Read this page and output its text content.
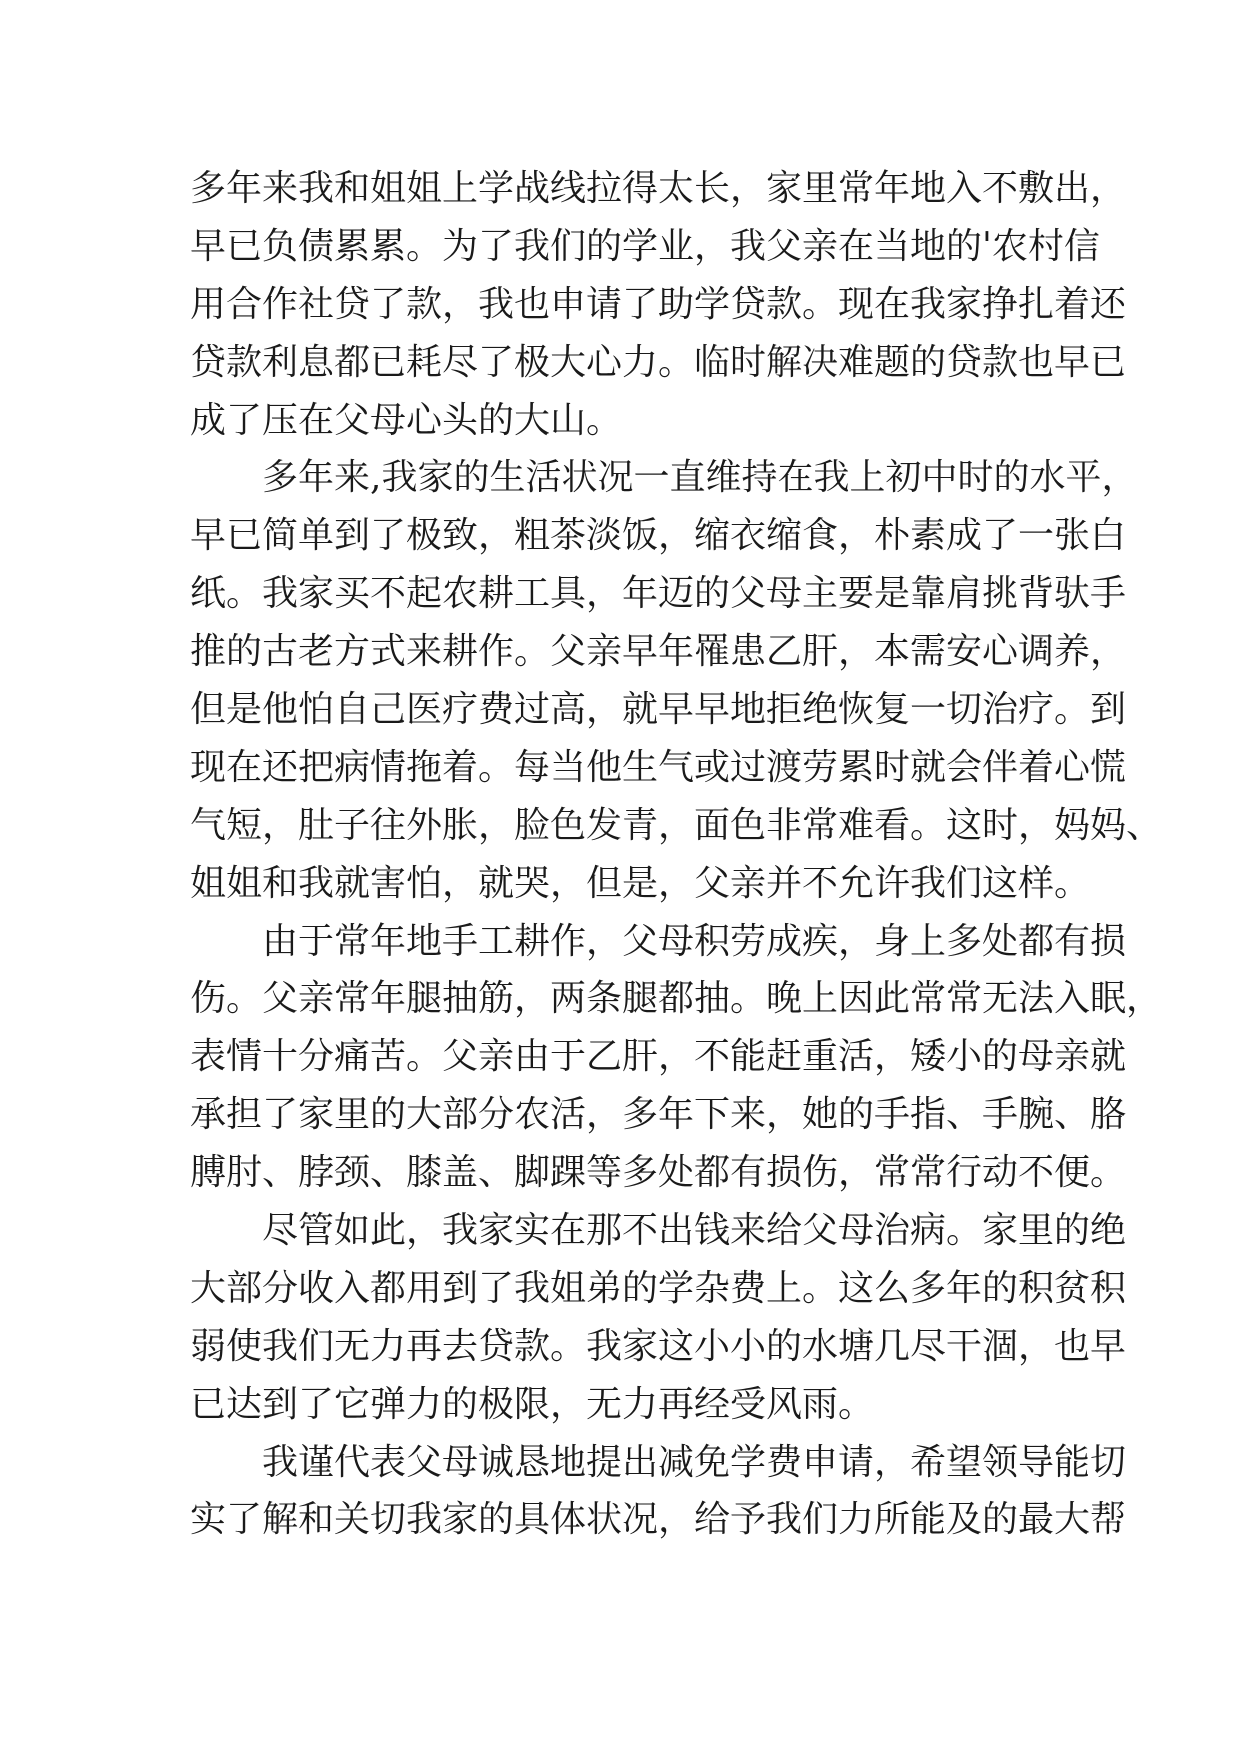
多年来我和姐姐上学战线拉得太长，家里常年地入不敷出，
早已负债累累。为了我们的学业，我父亲在当地的'农村信
用合作社贷了款，我也申请了助学贷款。现在我家挣扎着还
贷款利息都已耗尽了极大心力。临时解决难题的贷款也早已
成了压在父母心头的大山。
多年来,我家的生活状况一直维持在我上初中时的水平，
早已简单到了极致，粗茶淡饭，缩衣缩食，朴素成了一张白
纸。我家买不起农耕工具，年迈的父母主要是靠肩挑背驮手
推的古老方式来耕作。父亲早年罹患乙肝，本需安心调养，
但是他怕自己医疗费过高，就早早地拒绝恢复一切治疗。到
现在还把病情拖着。每当他生气或过渡劳累时就会伴着心慌
气短，肚子往外胀，脸色发青，面色非常难看。这时，妈妈、
姐姐和我就害怕，就哭，但是，父亲并不允许我们这样。
由于常年地手工耕作，父母积劳成疾，身上多处都有损
伤。父亲常年腿抽筋，两条腿都抽。晚上因此常常无法入眠，
表情十分痛苦。父亲由于乙肝，不能赶重活，矮小的母亲就
承担了家里的大部分农活，多年下来，她的手指、手腕、胳
膊肘、脖颈、膝盖、脚踝等多处都有损伤，常常行动不便。
尽管如此，我家实在那不出钱来给父母治病。家里的绝
大部分收入都用到了我姐弟的学杂费上。这么多年的积贫积
弱使我们无力再去贷款。我家这小小的水塘几尽干涸，也早
已达到了它弹力的极限，无力再经受风雨。
我谨代表父母诚恳地提出减免学费申请，希望领导能切
实了解和关切我家的具体状况，给予我们力所能及的最大帮
